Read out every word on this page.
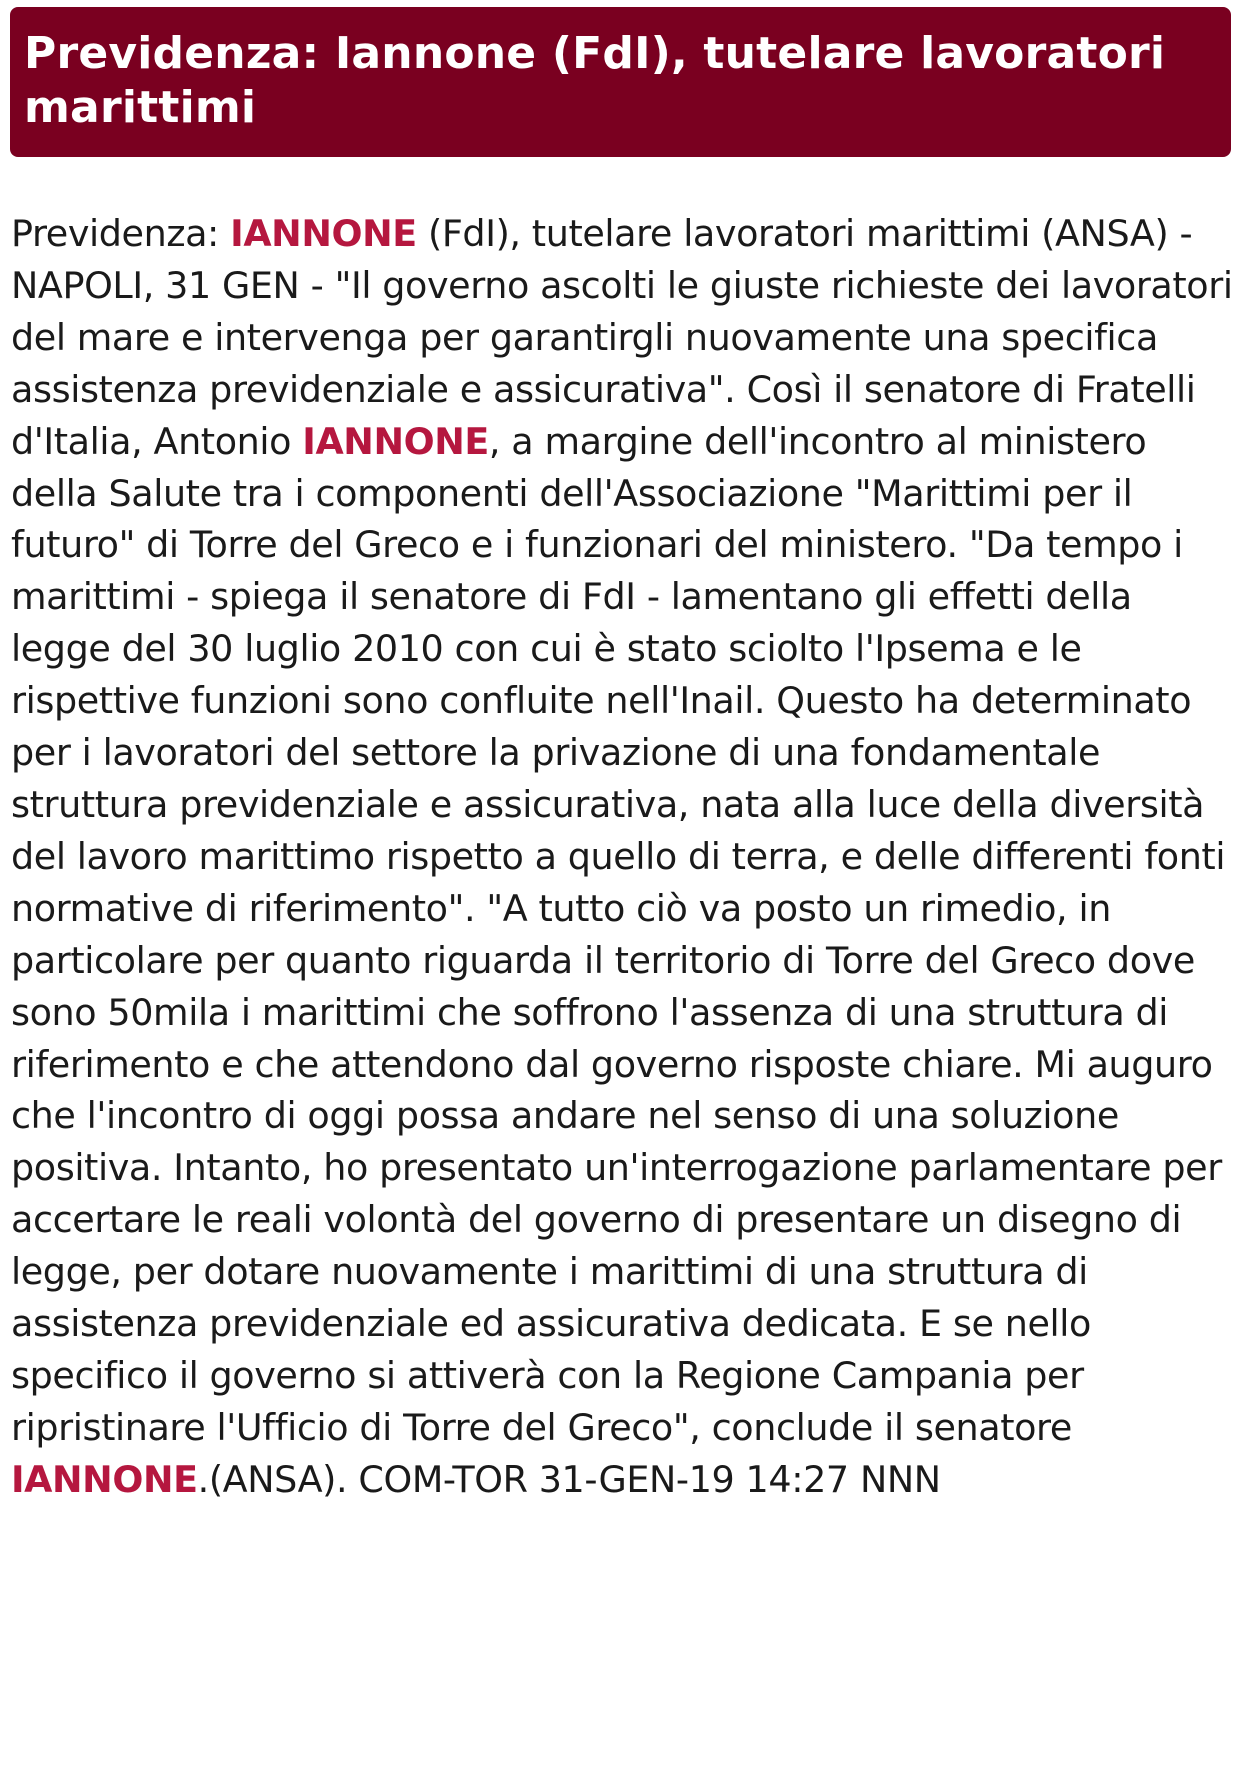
Previdenza: Iannone (FdI), tutelare lavoratori marittimi

Previdenza: IANNONE (FdI), tutelare lavoratori marittimi (ANSA) - NAPOLI, 31 GEN - "Il governo ascolti le giuste richieste dei lavoratori del mare e intervenga per garantirgli nuovamente una specifica assistenza previdenziale e assicurativa". Così il senatore di Fratelli d'Italia, Antonio IANNONE, a margine dell'incontro al ministero della Salute tra i componenti dell'Associazione "Marittimi per il futuro" di Torre del Greco e i funzionari del ministero. "Da tempo i marittimi - spiega il senatore di FdI - lamentano gli effetti della legge del 30 luglio 2010 con cui è stato sciolto l'Ipsema e le rispettive funzioni sono confluite nell'Inail. Questo ha determinato per i lavoratori del settore la privazione di una fondamentale struttura previdenziale e assicurativa, nata alla luce della diversità del lavoro marittimo rispetto a quello di terra, e delle differenti fonti normative di riferimento". "A tutto ciò va posto un rimedio, in particolare per quanto riguarda il territorio di Torre del Greco dove sono 50mila i marittimi che soffrono l'assenza di una struttura di riferimento e che attendono dal governo risposte chiare. Mi auguro che l'incontro di oggi possa andare nel senso di una soluzione positiva. Intanto, ho presentato un'interrogazione parlamentare per accertare le reali volontà del governo di presentare un disegno di legge, per dotare nuovamente i marittimi di una struttura di assistenza previdenziale ed assicurativa dedicata. E se nello specifico il governo si attiverà con la Regione Campania per ripristinare l'Ufficio di Torre del Greco", conclude il senatore IANNONE.(ANSA). COM-TOR 31-GEN-19 14:27 NNN
